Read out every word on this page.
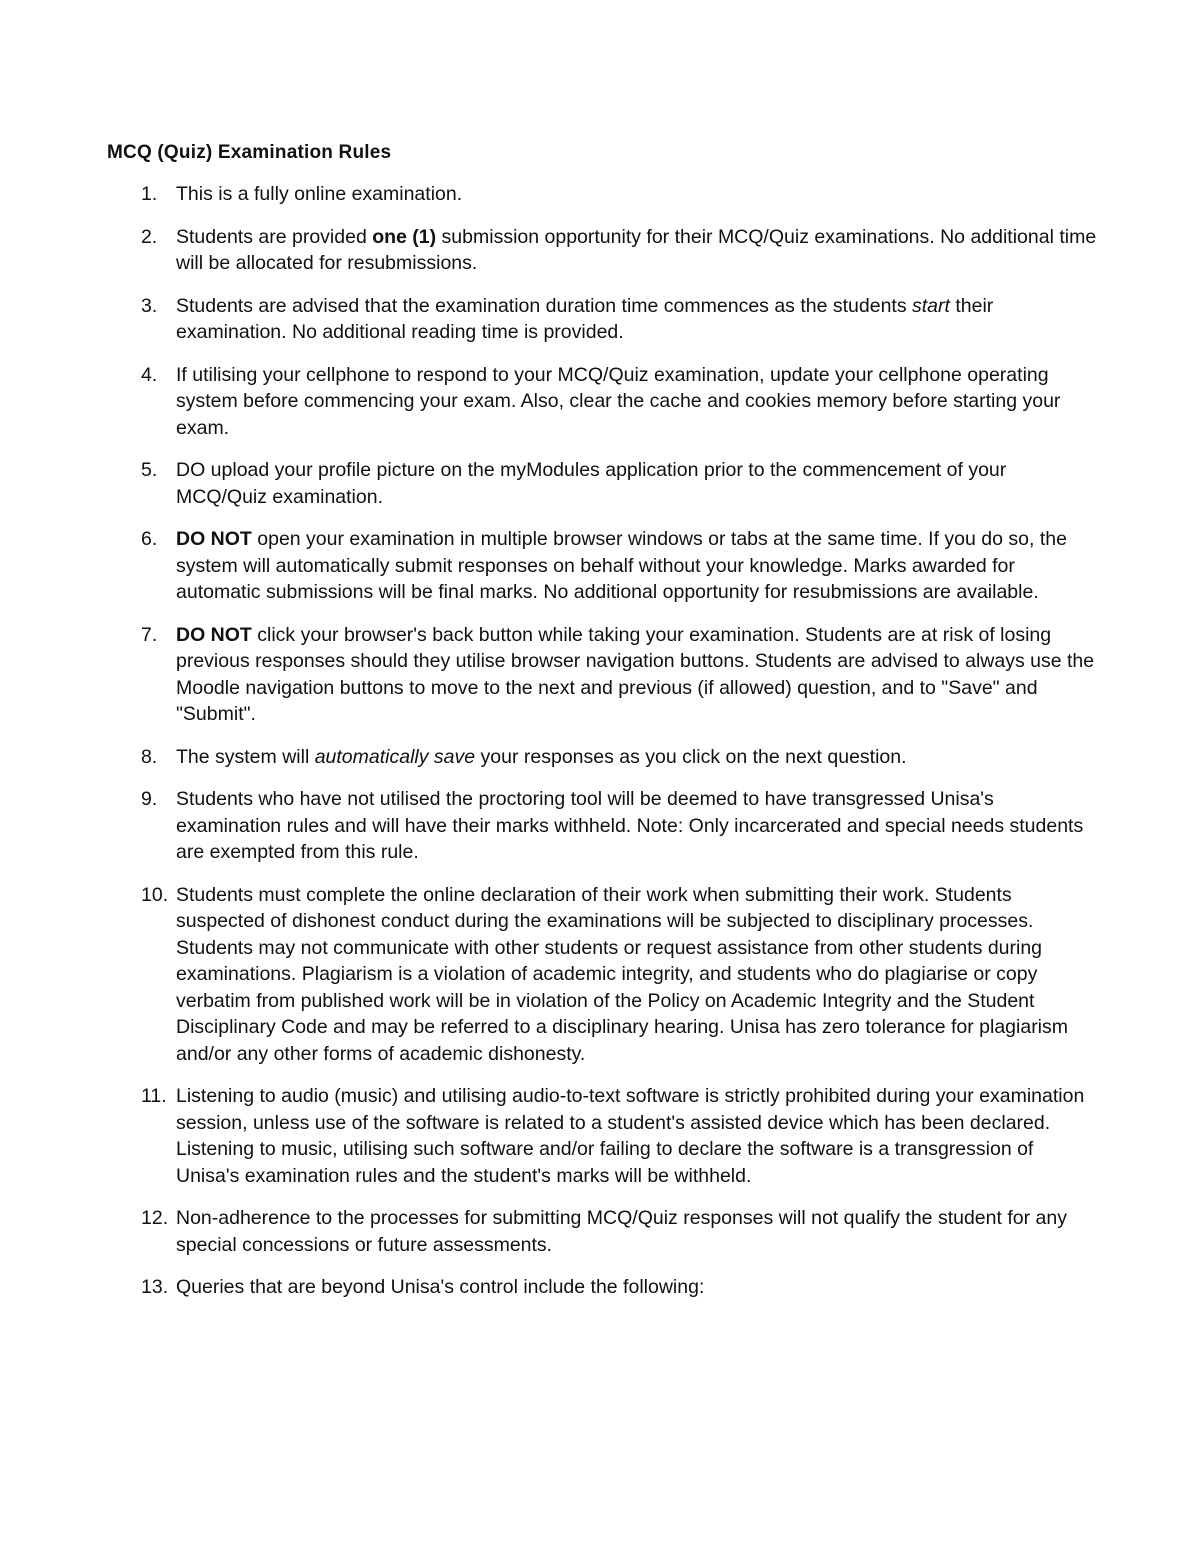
MCQ (Quiz) Examination Rules
1. This is a fully online examination.
2. Students are provided one (1) submission opportunity for their MCQ/Quiz examinations. No additional time will be allocated for resubmissions.
3. Students are advised that the examination duration time commences as the students start their examination. No additional reading time is provided.
4. If utilising your cellphone to respond to your MCQ/Quiz examination, update your cellphone operating system before commencing your exam. Also, clear the cache and cookies memory before starting your exam.
5. DO upload your profile picture on the myModules application prior to the commencement of your MCQ/Quiz examination.
6. DO NOT open your examination in multiple browser windows or tabs at the same time. If you do so, the system will automatically submit responses on behalf without your knowledge. Marks awarded for automatic submissions will be final marks. No additional opportunity for resubmissions are available.
7. DO NOT click your browser's back button while taking your examination. Students are at risk of losing previous responses should they utilise browser navigation buttons. Students are advised to always use the Moodle navigation buttons to move to the next and previous (if allowed) question, and to "Save" and "Submit".
8. The system will automatically save your responses as you click on the next question.
9. Students who have not utilised the proctoring tool will be deemed to have transgressed Unisa's examination rules and will have their marks withheld. Note: Only incarcerated and special needs students are exempted from this rule.
10. Students must complete the online declaration of their work when submitting their work. Students suspected of dishonest conduct during the examinations will be subjected to disciplinary processes. Students may not communicate with other students or request assistance from other students during examinations. Plagiarism is a violation of academic integrity, and students who do plagiarise or copy verbatim from published work will be in violation of the Policy on Academic Integrity and the Student Disciplinary Code and may be referred to a disciplinary hearing. Unisa has zero tolerance for plagiarism and/or any other forms of academic dishonesty.
11. Listening to audio (music) and utilising audio-to-text software is strictly prohibited during your examination session, unless use of the software is related to a student's assisted device which has been declared. Listening to music, utilising such software and/or failing to declare the software is a transgression of Unisa's examination rules and the student's marks will be withheld.
12. Non-adherence to the processes for submitting MCQ/Quiz responses will not qualify the student for any special concessions or future assessments.
13. Queries that are beyond Unisa's control include the following:
